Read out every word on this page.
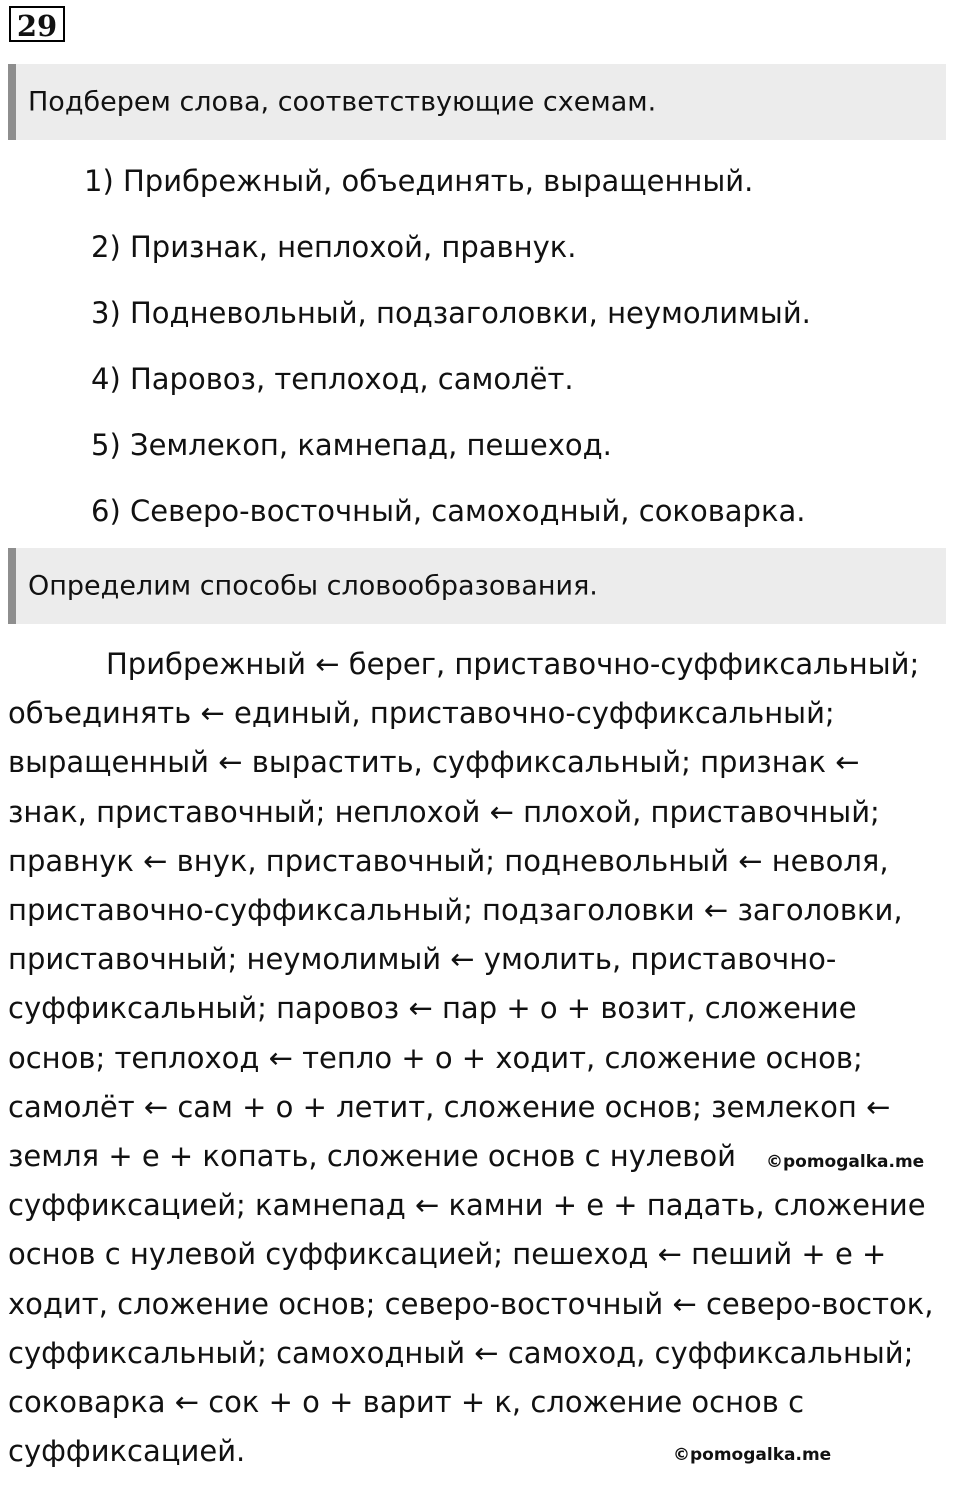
29
Подберем слова, соответствующие схемам.
1) Прибрежный, объединять, выращенный.
2) Признак, неплохой, правнук.
3) Подневольный, подзаголовки, неумолимый.
4) Паровоз, теплоход, самолёт.
5) Землекоп, камнепад, пешеход.
6) Северо-восточный, самоходный, соковарка.
Определим способы словообразования.

Прибрежный ← берег, приставочно-суффиксальный;

объединять ← единый, приставочно-суффиксальный;

выращенный ← вырастить, суффиксальный; признак ←

знак, приставочный; неплохой ← плохой, приставочный;

правнук ← внук, приставочный; подневольный ← неволя,

приставочно-суффиксальный; подзаголовки ← заголовки,

приставочный; неумолимый ← умолить, приставочно-

суффиксальный; паровоз ← пар + о + возит, сложение

основ; теплоход ← тепло + о + ходит, сложение основ;

самолёт ← сам + о + летит, сложение основ; землекоп ←

земля + е + копать, сложение основ с нулевой

суффиксацией; камнепад ← камни + е + падать, сложение

основ с нулевой суффиксацией; пешеход ← пеший + е +

ходит, сложение основ; северо-восточный ← северо-восток,

суффиксальный; самоходный ← самоход, суффиксальный;

соковарка ← сок + о + варит + к, сложение основ с

суффиксацией.

©pomogalka.me
©pomogalka.me
